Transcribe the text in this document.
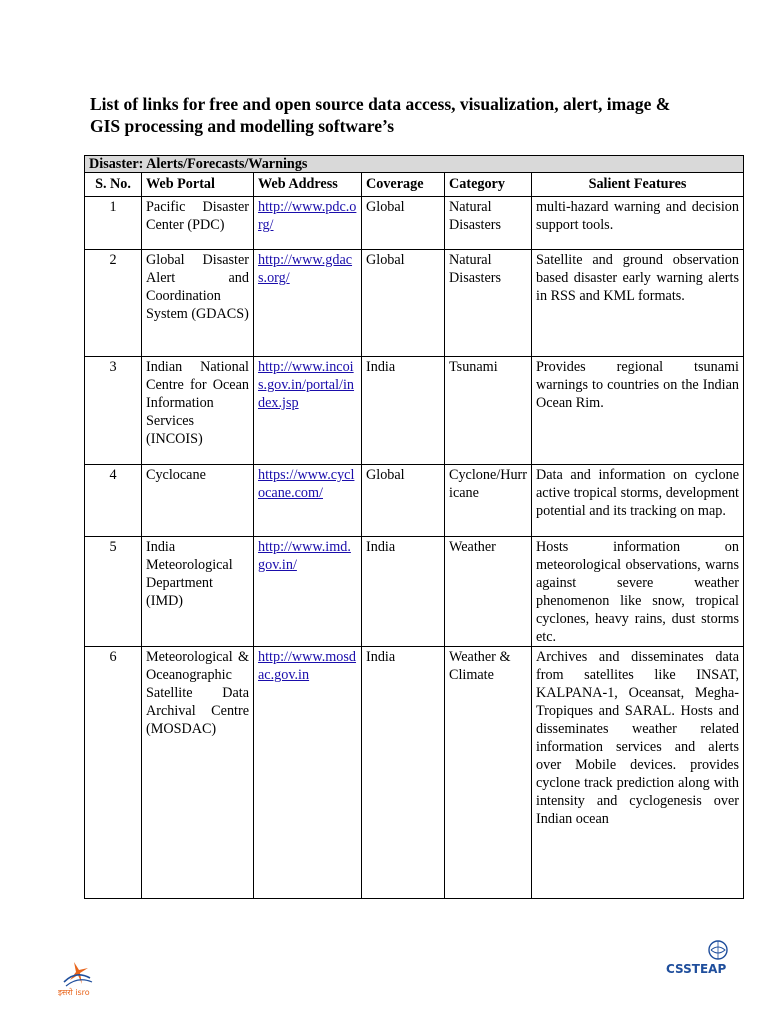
List of links for free and open source data access, visualization, alert, image &
GIS processing and modelling software’s
Disaster: Alerts/Forecasts/Warnings					
S. No.	Web Portal	Web Address	Coverage	Category	Salient Features
1	Pacific Disaster Center (PDC)	http://www.pdc.org/	Global	Natural Disasters	multi-hazard warning and decision support tools.
2	Global Disaster Alert and Coordination System (GDACS)	http://www.gdacs.org/	Global	Natural Disasters	Satellite and ground observation based disaster early warning alerts in RSS and KML formats.
3	Indian National Centre for Ocean Information Services (INCOIS)	http://www.incois.gov.in/portal/index.jsp	India	Tsunami	Provides regional tsunami warnings to countries on the Indian Ocean Rim.
4	Cyclocane	https://www.cyclocane.com/	Global	Cyclone/Hurricane	Data and information on cyclone active tropical storms, development potential and its tracking on map.
5	India Meteorological Department (IMD)	http://www.imd.gov.in/	India	Weather	Hosts information on meteorological observations, warns against severe weather phenomenon like snow, tropical cyclones, heavy rains, dust storms etc.
6	Meteorological & Oceanographic Satellite Data Archival Centre (MOSDAC)	http://www.mosdac.gov.in	India	Weather & Climate	Archives and disseminates data from satellites like INSAT, KALPANA-1, Oceansat, Megha-Tropiques and SARAL. Hosts and disseminates weather related information services and alerts over Mobile devices. provides cyclone track prediction along with intensity and cyclogenesis over Indian ocean
इसरो isro
CSSTEAP
